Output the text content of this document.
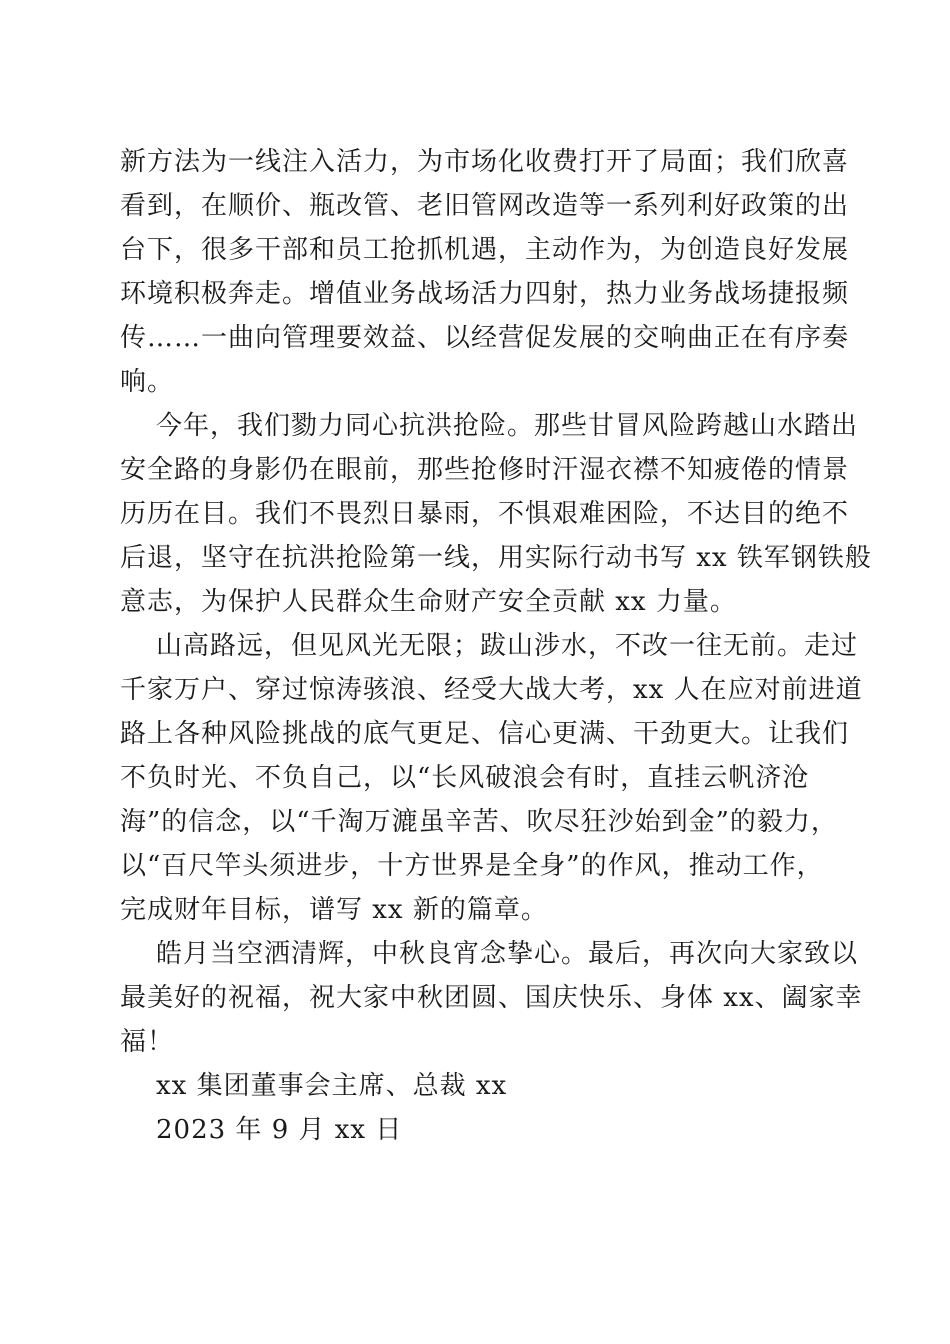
新方法为一线注入活力，为市场化收费打开了局面；我们欣喜
看到，在顺价、瓶改管、老旧管网改造等一系列利好政策的出
台下，很多干部和员工抢抓机遇，主动作为，为创造良好发展
环境积极奔走。增值业务战场活力四射，热力业务战场捷报频
传……一曲向管理要效益、以经营促发展的交响曲正在有序奏
响。
今年，我们勠力同心抗洪抢险。那些甘冒风险跨越山水踏出
安全路的身影仍在眼前，那些抢修时汗湿衣襟不知疲倦的情景
历历在目。我们不畏烈日暴雨，不惧艰难困险，不达目的绝不
后退，坚守在抗洪抢险第一线，用实际行动书写 xx 铁军钢铁般
意志，为保护人民群众生命财产安全贡献 xx 力量。
山高路远，但见风光无限；跋山涉水，不改一往无前。走过
千家万户、穿过惊涛骇浪、经受大战大考，xx 人在应对前进道
路上各种风险挑战的底气更足、信心更满、干劲更大。让我们
不负时光、不负自己，以“长风破浪会有时，直挂云帆济沧
海”的信念，以“千淘万漉虽辛苦、吹尽狂沙始到金”的毅力，
以“百尺竿头须进步，十方世界是全身”的作风，推动工作，
完成财年目标，谱写 xx 新的篇章。
皓月当空洒清辉，中秋良宵念挚心。最后，再次向大家致以
最美好的祝福，祝大家中秋团圆、国庆快乐、身体 xx、阖家幸
福！
xx 集团董事会主席、总裁 xx
2023 年 9 月 xx 日
